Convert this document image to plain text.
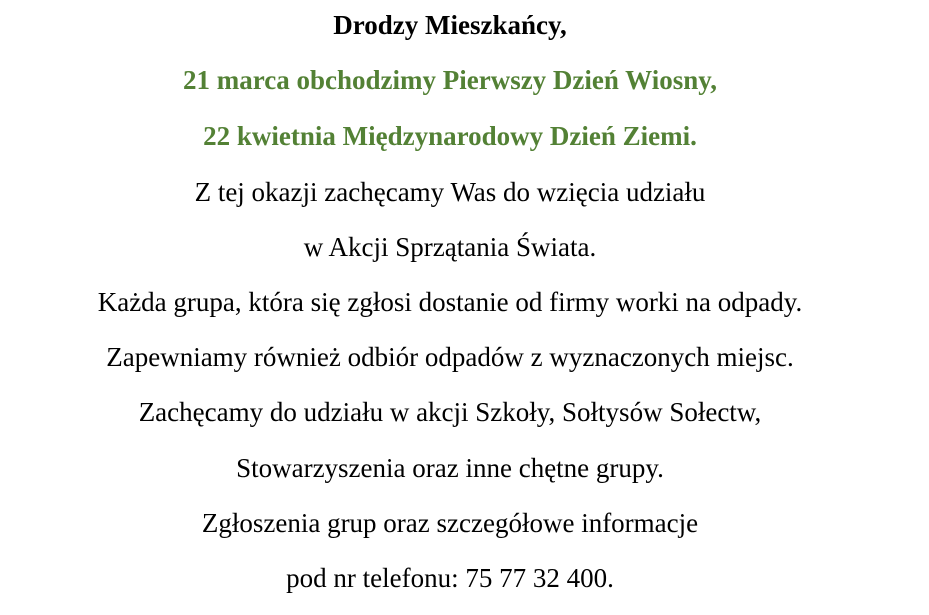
Drodzy Mieszkańcy,
21 marca obchodzimy Pierwszy Dzień Wiosny,
22 kwietnia Międzynarodowy Dzień Ziemi.
Z tej okazji zachęcamy Was do wzięcia udziału
w Akcji Sprzątania Świata.
Każda grupa, która się zgłosi dostanie od firmy worki na odpady.
Zapewniamy również odbiór odpadów z wyznaczonych miejsc.
Zachęcamy do udziału w akcji Szkoły, Sołtysów Sołectw,
Stowarzyszenia oraz inne chętne grupy.
Zgłoszenia grup oraz szczegółowe informacje
pod nr telefonu: 75 77 32 400.
